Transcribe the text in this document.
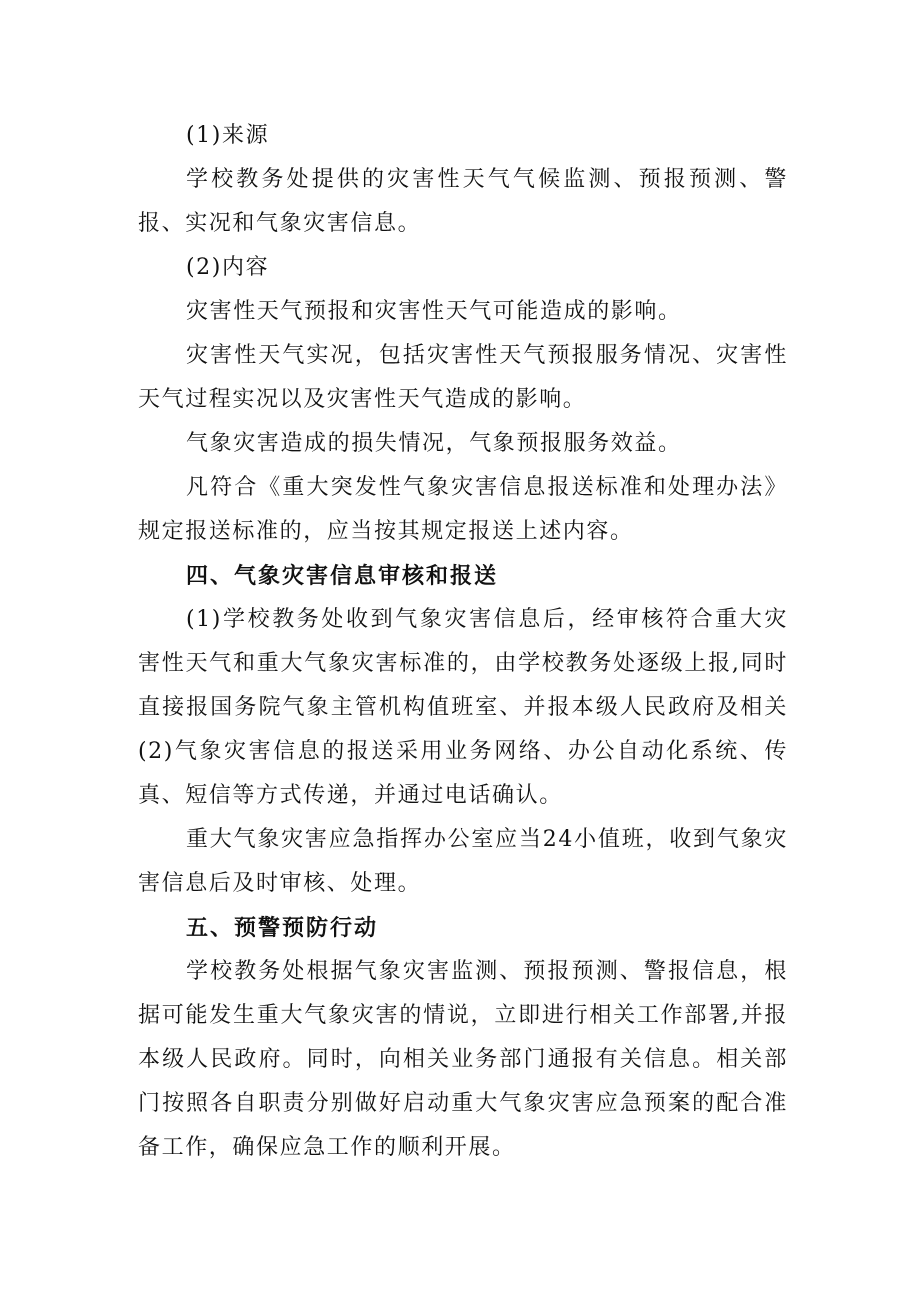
(1)来源

学校教务处提供的灾害性天气气候监测、预报预测、警报、实况和气象灾害信息。

(2)内容

灾害性天气预报和灾害性天气可能造成的影响。

灾害性天气实况，包括灾害性天气预报服务情况、灾害性天气过程实况以及灾害性天气造成的影响。

气象灾害造成的损失情况，气象预报服务效益。

凡符合《重大突发性气象灾害信息报送标准和处理办法》规定报送标准的，应当按其规定报送上述内容。

四、气象灾害信息审核和报送

(1)学校教务处收到气象灾害信息后，经审核符合重大灾害性天气和重大气象灾害标准的，由学校教务处逐级上报,同时直接报国务院气象主管机构值班室、并报本级人民政府及相关(2)气象灾害信息的报送采用业务网络、办公自动化系统、传真、短信等方式传递，并通过电话确认。

重大气象灾害应急指挥办公室应当24小值班，收到气象灾害信息后及时审核、处理。

五、预警预防行动

学校教务处根据气象灾害监测、预报预测、警报信息，根据可能发生重大气象灾害的情说，立即进行相关工作部署,并报本级人民政府。同时，向相关业务部门通报有关信息。相关部门按照各自职责分别做好启动重大气象灾害应急预案的配合准备工作，确保应急工作的顺利开展。
